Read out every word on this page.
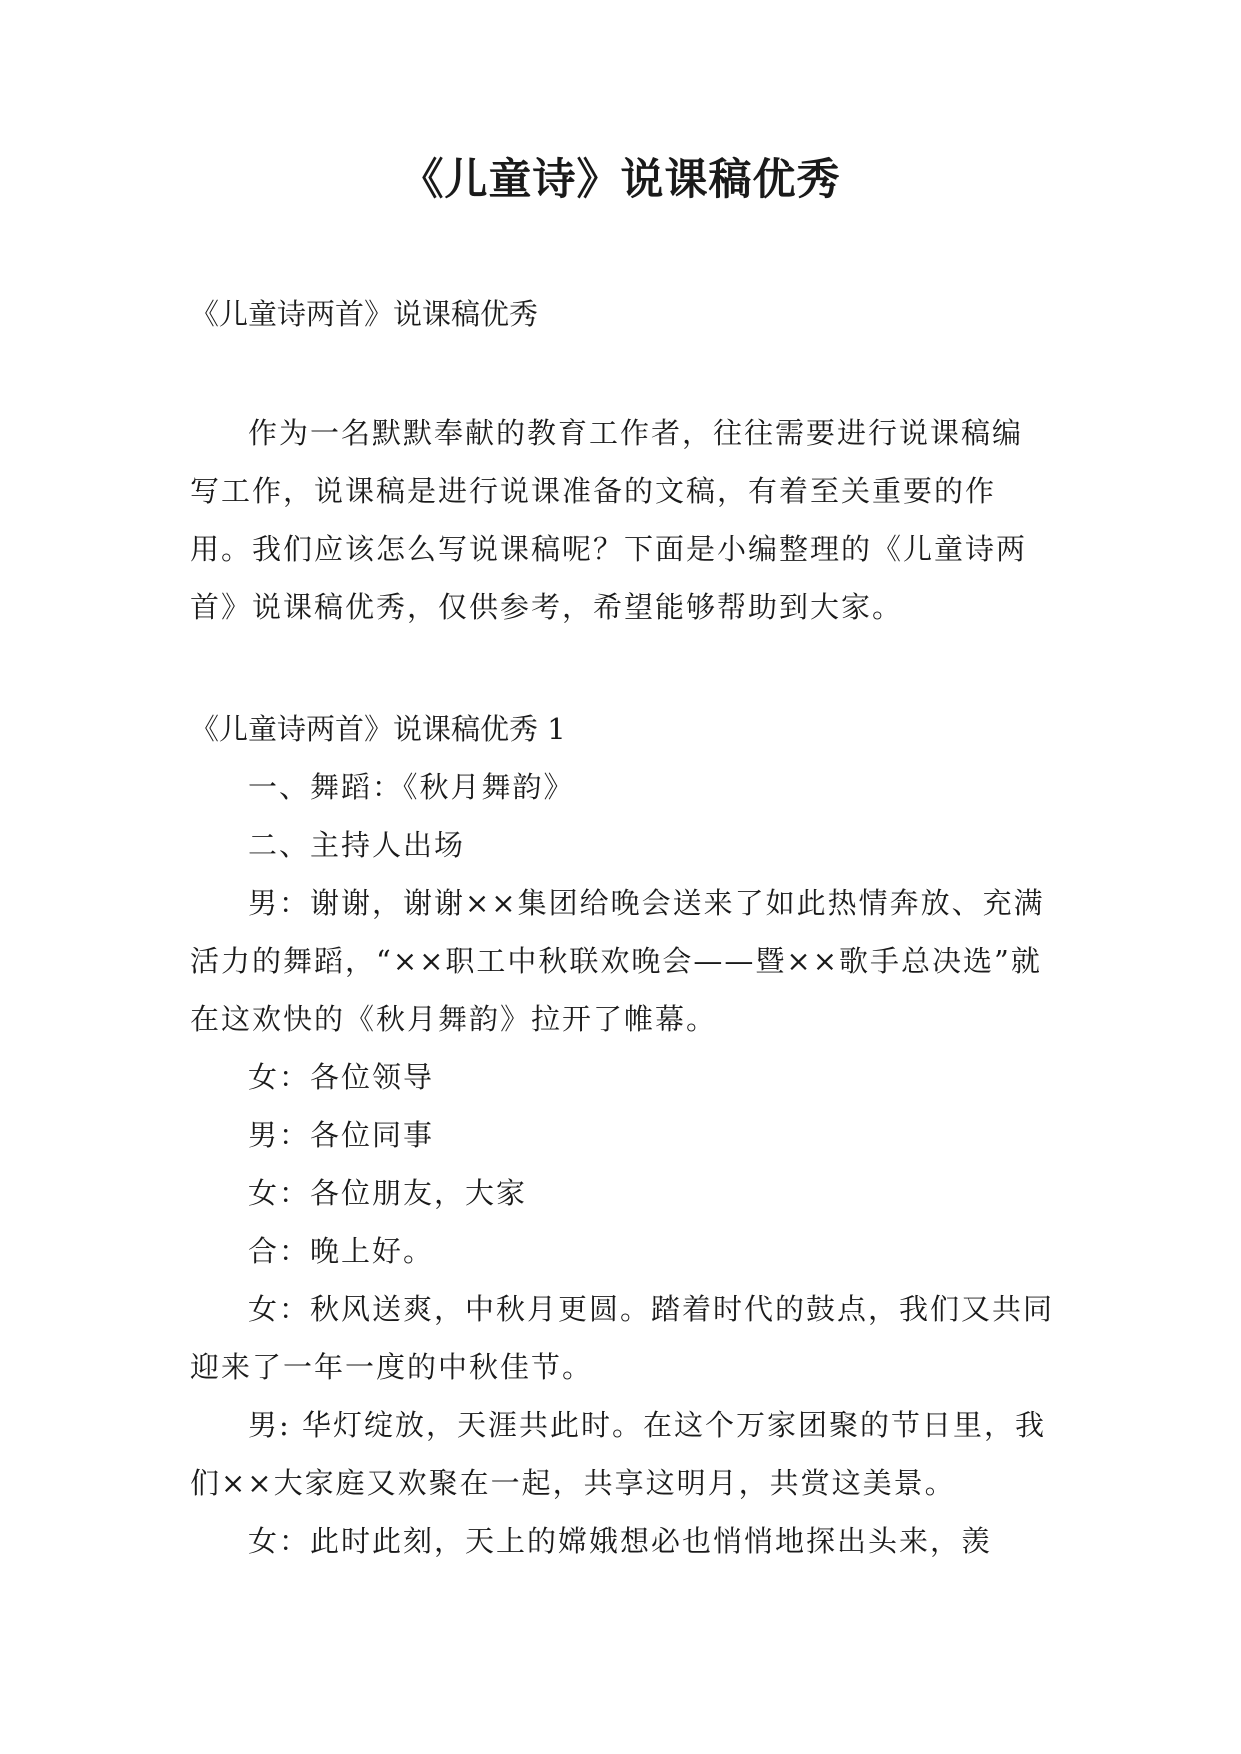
《儿童诗》说课稿优秀

《儿童诗两首》说课稿优秀

作为一名默默奉献的教育工作者，往往需要进行说课稿编写工作，说课稿是进行说课准备的文稿，有着至关重要的作用。我们应该怎么写说课稿呢？下面是小编整理的《儿童诗两首》说课稿优秀，仅供参考，希望能够帮助到大家。

《儿童诗两首》说课稿优秀 1

一、舞蹈：《秋月舞韵》

二、主持人出场

男：谢谢，谢谢××集团给晚会送来了如此热情奔放、充满活力的舞蹈，“××职工中秋联欢晚会——暨××歌手总决选”就在这欢快的《秋月舞韵》拉开了帷幕。

女：各位领导

男：各位同事

女：各位朋友，大家

合：晚上好。

女：秋风送爽，中秋月更圆。踏着时代的鼓点，我们又共同迎来了一年一度的中秋佳节。

男: 华灯绽放，天涯共此时。在这个万家团聚的节日里，我们××大家庭又欢聚在一起，共享这明月，共赏这美景。

女：此时此刻，天上的嫦娥想必也悄悄地探出头来，羡
